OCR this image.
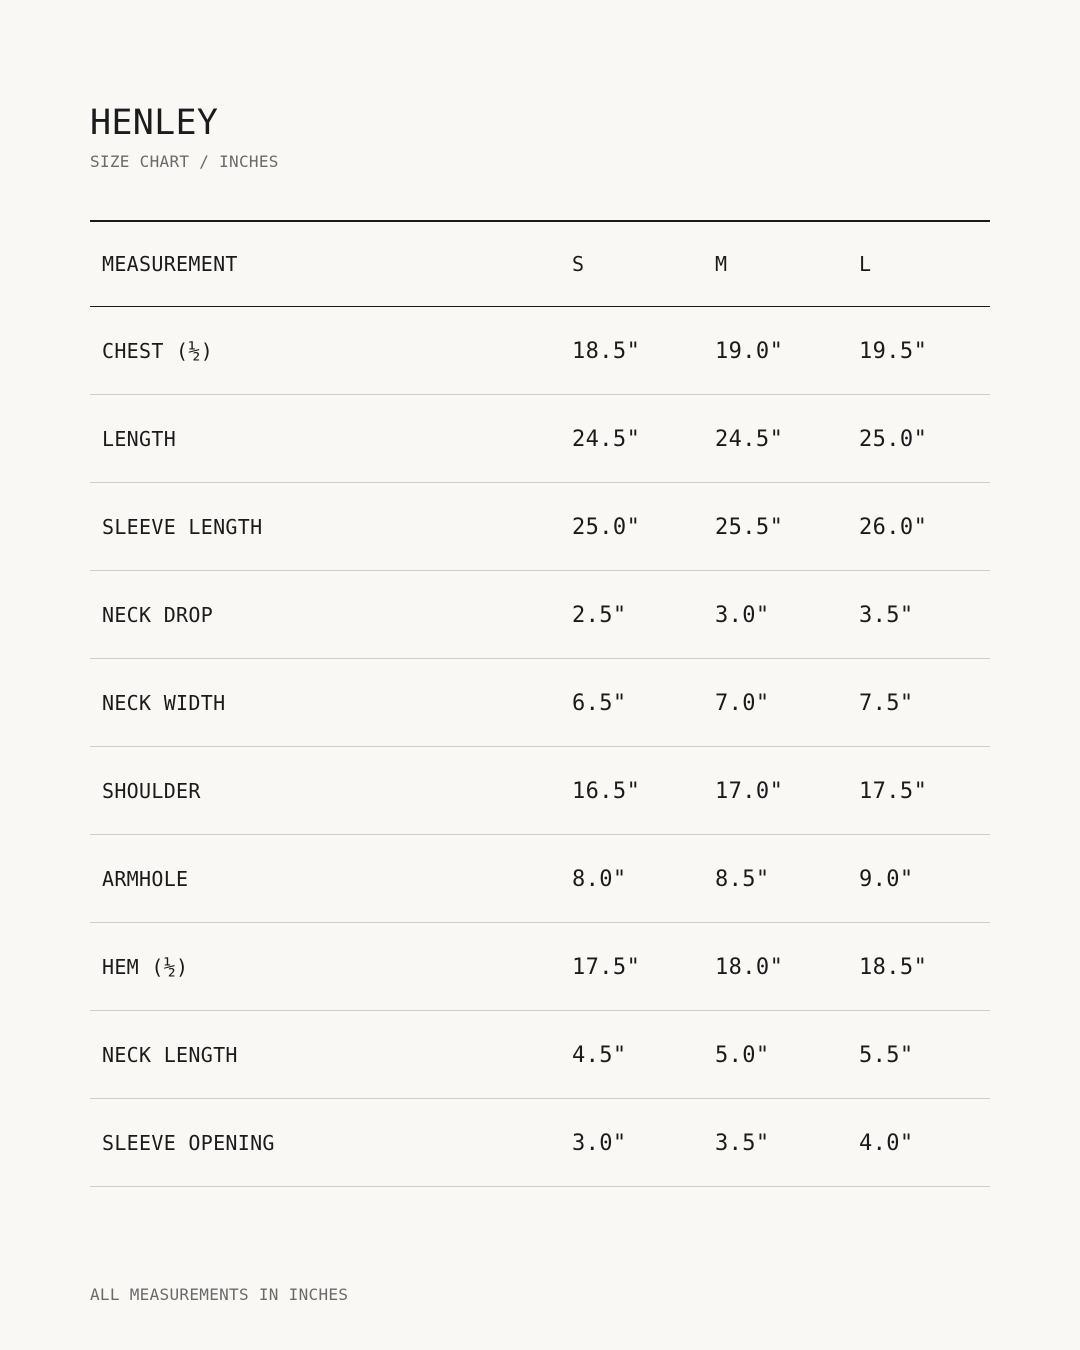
HENLEY
SIZE CHART / INCHES
MEASUREMENT	S	M	L
CHEST (½)	18.5"	19.0"	19.5"
LENGTH	24.5"	24.5"	25.0"
SLEEVE LENGTH	25.0"	25.5"	26.0"
NECK DROP	2.5"	3.0"	3.5"
NECK WIDTH	6.5"	7.0"	7.5"
SHOULDER	16.5"	17.0"	17.5"
ARMHOLE	8.0"	8.5"	9.0"
HEM (½)	17.5"	18.0"	18.5"
NECK LENGTH	4.5"	5.0"	5.5"
SLEEVE OPENING	3.0"	3.5"	4.0"
ALL MEASUREMENTS IN INCHES
